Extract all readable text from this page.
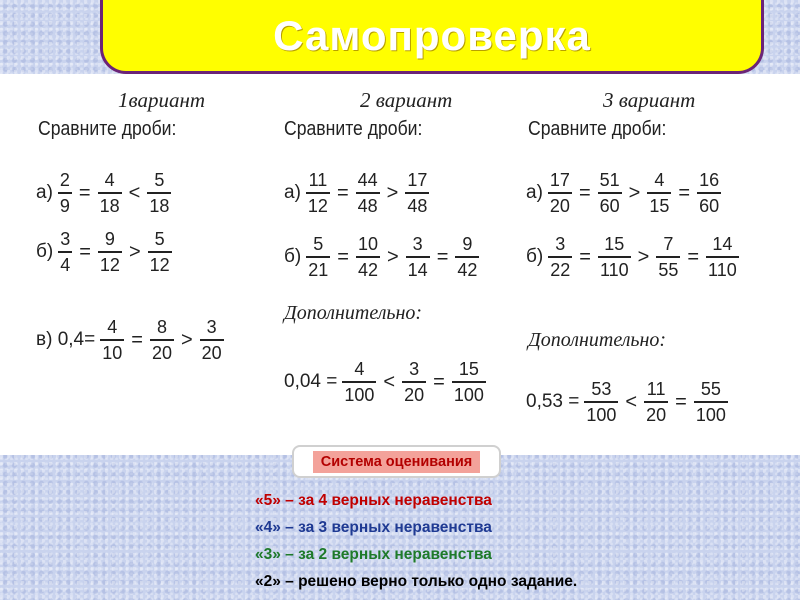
Самопроверка
1вариант
Сравните дроби:
$а) \frac{2}{9} = \frac{4}{18} < \frac{5}{18}$
$б) \frac{3}{4} = \frac{9}{12} > \frac{5}{12}$
в) $0,4= \frac{4}{10} = \frac{8}{20} > \frac{3}{20}$
2 вариант
Сравните дроби:
$а) \frac{11}{12} = \frac{44}{48} > \frac{17}{48}$
$б) \frac{5}{21} = \frac{10}{42} > \frac{3}{14} = \frac{9}{42}$
Дополнительно:
$0,04 = \frac{4}{100} < \frac{3}{20} = \frac{15}{100}$
3 вариант
Сравните дроби:
$а) \frac{17}{20} = \frac{51}{60} > \frac{4}{15} = \frac{16}{60}$
$б) \frac{3}{22} = \frac{15}{110} > \frac{7}{55} = \frac{14}{110}$
Дополнительно:
$0,53 = \frac{53}{100} < \frac{11}{20} = \frac{55}{100}$
Система оценивания
«5» – за 4 верных неравенства
«4» – за 3 верных неравенства
«3» – за 2 верных неравенства
«2» – решено верно только одно задание.
